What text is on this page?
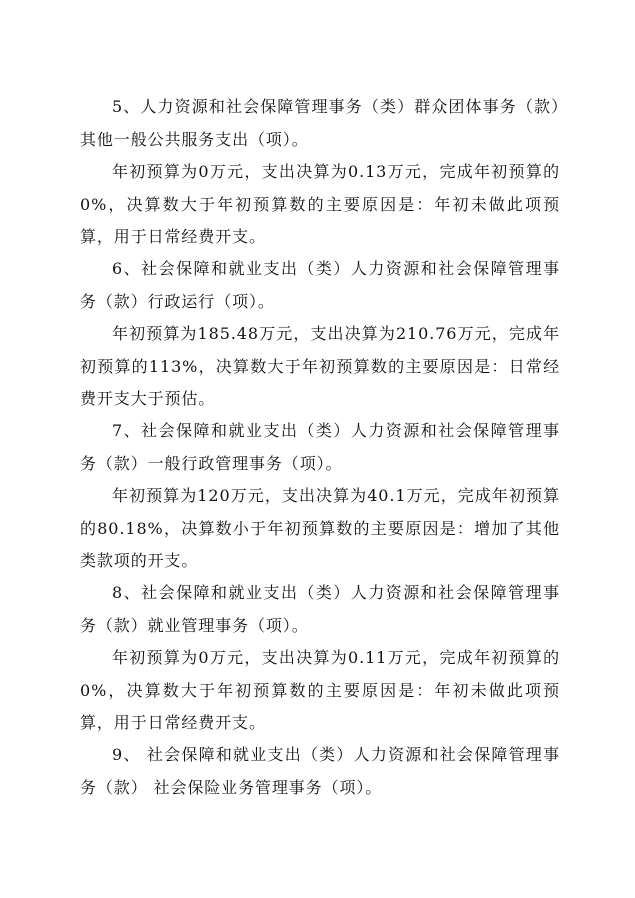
5、人力资源和社会保障管理事务（类）群众团体事务（款）其他一般公共服务支出（项）。

年初预算为0万元，支出决算为0.13万元，完成年初预算的0%，决算数大于年初预算数的主要原因是：年初未做此项预算，用于日常经费开支。

6、社会保障和就业支出（类）人力资源和社会保障管理事务（款）行政运行（项）。

年初预算为185.48万元，支出决算为210.76万元，完成年初预算的113%，决算数大于年初预算数的主要原因是：日常经费开支大于预估。

7、社会保障和就业支出（类）人力资源和社会保障管理事务（款）一般行政管理事务（项）。

年初预算为120万元，支出决算为40.1万元，完成年初预算的80.18%，决算数小于年初预算数的主要原因是：增加了其他类款项的开支。

8、社会保障和就业支出（类）人力资源和社会保障管理事务（款）就业管理事务（项）。

年初预算为0万元，支出决算为0.11万元，完成年初预算的0%，决算数大于年初预算数的主要原因是：年初未做此项预算，用于日常经费开支。

9、 社会保障和就业支出（类）人力资源和社会保障管理事务（款） 社会保险业务管理事务（项）。
